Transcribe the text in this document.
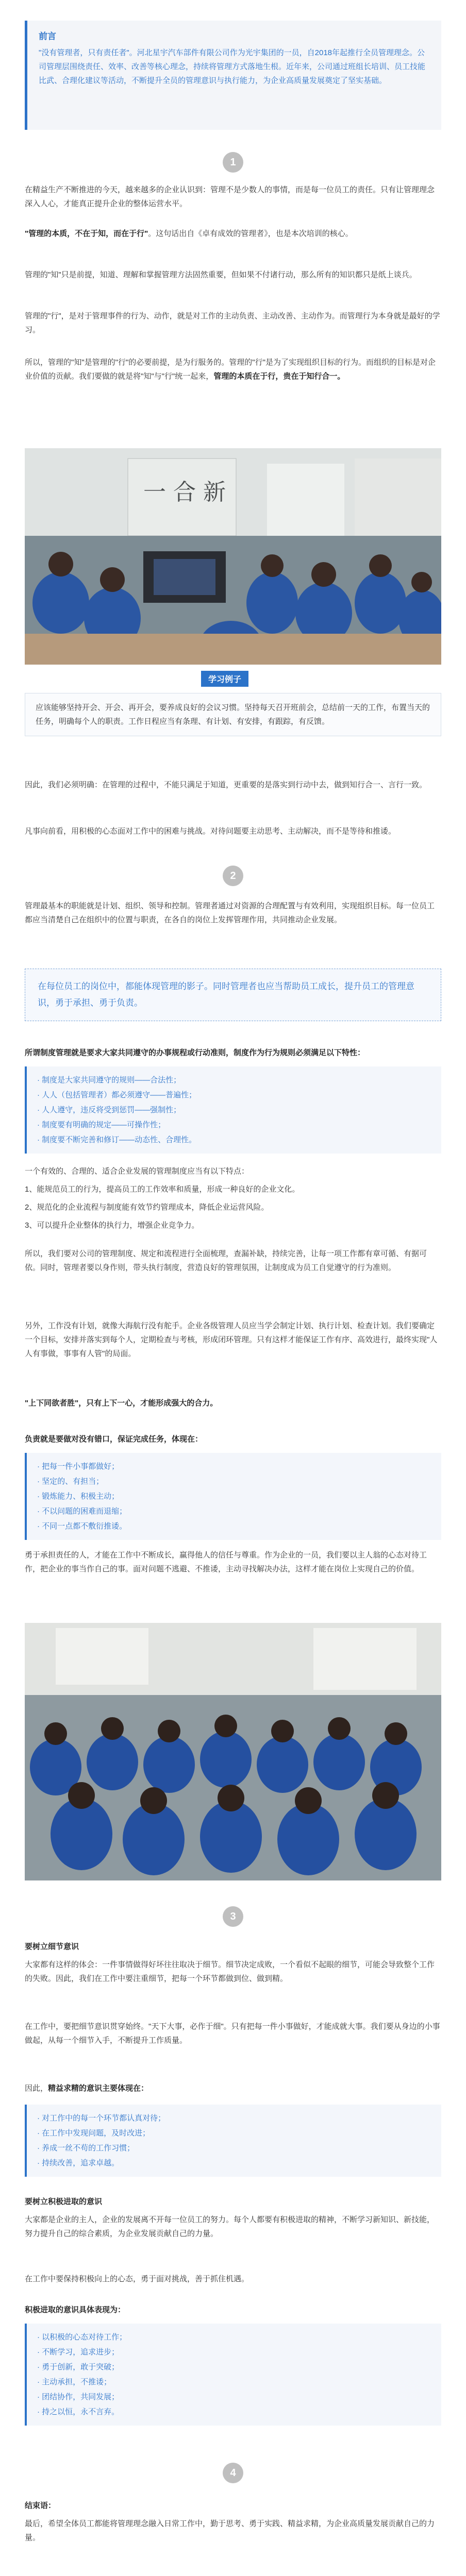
前言
"没有管理者，只有责任者"。河北星宇汽车部件有限公司作为光宇集团的一员，自2018年起推行全员管理理念。公司管理层围绕责任、效率、改善等核心理念，持续将管理方式落地生根。近年来，公司通过班组长培训、员工技能比武、合理化建议等活动，不断提升全员的管理意识与执行能力，为企业高质量发展奠定了坚实基础。
1
在精益生产不断推进的今天，越来越多的企业认识到：管理不是少数人的事情，而是每一位员工的责任。只有让管理理念深入人心，才能真正提升企业的整体运营水平。
"管理的本质，不在于知，而在于行"。这句话出自《卓有成效的管理者》，也是本次培训的核心。
管理的"知"只是前提，知道、理解和掌握管理方法固然重要，但如果不付诸行动，那么所有的知识都只是纸上谈兵。
管理的"行"，是对于管理事件的行为、动作，就是对工作的主动负责、主动改善、主动作为。而管理行为本身就是最好的学习。
所以，管理的"知"是管理的"行"的必要前提，是为行服务的。管理的"行"是为了实现组织目标的行为。而组织的目标是对企业价值的贡献。我们要做的就是将"知"与"行"统一起来，管理的本质在于行，贵在于知行合一。
一 合 新
学习例子
应该能够坚持开会、开会、再开会，要养成良好的会议习惯。坚持每天召开班前会，总结前一天的工作，布置当天的任务，明确每个人的职责。工作日程应当有条理、有计划、有安排，有跟踪，有反馈。
因此，我们必须明确：在管理的过程中，不能只满足于知道，更重要的是落实到行动中去，做到知行合一、言行一致。
凡事向前看，用积极的心态面对工作中的困难与挑战。对待问题要主动思考、主动解决，而不是等待和推诿。
2
管理最基本的职能就是计划、组织、领导和控制。管理者通过对资源的合理配置与有效利用，实现组织目标。每一位员工都应当清楚自己在组织中的位置与职责，在各自的岗位上发挥管理作用，共同推动企业发展。
在每位员工的岗位中，都能体现管理的影子。同时管理者也应当帮助员工成长，提升员工的管理意识，勇于承担、勇于负责。
所谓制度管理就是要求大家共同遵守的办事规程或行动准则，制度作为行为规则必须满足以下特性：
· 制度是大家共同遵守的规则——合法性；
· 人人（包括管理者）都必须遵守——普遍性；
· 人人遵守，违反将受到惩罚——强制性；
· 制度要有明确的规定——可操作性；
· 制度要不断完善和修订——动态性、合理性。
一个有效的、合理的、适合企业发展的管理制度应当有以下特点：
1、能规范员工的行为，提高员工的工作效率和质量，形成一种良好的企业文化。
2、规范化的企业流程与制度能有效节约管理成本，降低企业运营风险。
3、可以提升企业整体的执行力，增强企业竞争力。
所以，我们要对公司的管理制度、规定和流程进行全面梳理，查漏补缺，持续完善，让每一项工作都有章可循、有据可依。同时，管理者要以身作则，带头执行制度，营造良好的管理氛围，让制度成为员工自觉遵守的行为准则。
另外，工作没有计划，就像大海航行没有舵手。企业各级管理人员应当学会制定计划、执行计划、检查计划。我们要确定一个目标，安排并落实到每个人，定期检查与考核，形成闭环管理。只有这样才能保证工作有序、高效进行，最终实现"人人有事做，事事有人管"的局面。
"上下同欲者胜"，只有上下一心，才能形成强大的合力。
负责就是要做对没有错口，保证完成任务，体现在：
· 把每一件小事都做好；
· 坚定的、有担当；
· 锻炼能力、积极主动；
· 不以问题的困难而退缩；
· 不同一点都不敷衍推诿。
勇于承担责任的人，才能在工作中不断成长，赢得他人的信任与尊重。作为企业的一员，我们要以主人翁的心态对待工作，把企业的事当作自己的事。面对问题不逃避、不推诿，主动寻找解决办法，这样才能在岗位上实现自己的价值。
3
要树立细节意识
大家都有这样的体会：一件事情做得好坏往往取决于细节。细节决定成败，一个看似不起眼的细节，可能会导致整个工作的失败。因此，我们在工作中要注重细节，把每一个环节都做到位、做到精。
在工作中，要把细节意识贯穿始终。"天下大事，必作于细"。只有把每一件小事做好，才能成就大事。我们要从身边的小事做起，从每一个细节入手，不断提升工作质量。
因此，精益求精的意识主要体现在：
· 对工作中的每一个环节都认真对待；
· 在工作中发现问题，及时改进；
· 养成一丝不苟的工作习惯；
· 持续改善，追求卓越。
要树立积极进取的意识
大家都是企业的主人，企业的发展离不开每一位员工的努力。每个人都要有积极进取的精神，不断学习新知识、新技能，努力提升自己的综合素质，为企业发展贡献自己的力量。
在工作中要保持积极向上的心态，勇于面对挑战，善于抓住机遇。
积极进取的意识具体表现为：
· 以积极的心态对待工作；
· 不断学习，追求进步；
· 勇于创新，敢于突破；
· 主动承担，不推诿；
· 团结协作，共同发展；
· 持之以恒，永不言弃。
4
结束语：
最后，希望全体员工都能将管理理念融入日常工作中，勤于思考、勇于实践、精益求精，为企业高质量发展贡献自己的力量。
